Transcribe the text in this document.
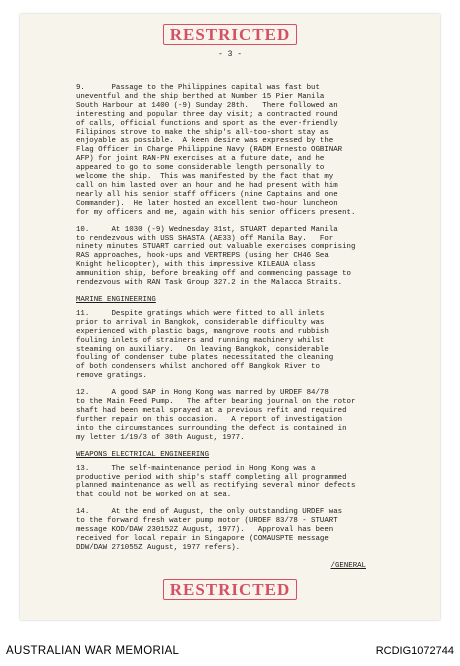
RESTRICTED
- 3 -
9.      Passage to the Philippines capital was fast but
uneventful and the ship berthed at Number 15 Pier Manila
South Harbour at 1400 (-9) Sunday 28th.   There followed an
interesting and popular three day visit; a contracted round
of calls, official functions and sport as the ever-friendly
Filipinos strove to make the ship's all-too-short stay as
enjoyable as possible.  A keen desire was expressed by the
Flag Officer in Charge Philippine Navy (RADM Ernesto OGBINAR
AFP) for joint RAN-PN exercises at a future date, and he
appeared to go to some considerable length personally to
welcome the ship.  This was manifested by the fact that my
call on him lasted over an hour and he had present with him
nearly all his senior staff officers (nine Captains and one
Commander).  He later hosted an excellent two-hour luncheon
for my officers and me, again with his senior officers present.
10.     At 1030 (-9) Wednesday 31st, STUART departed Manila
to rendezvous with USS SHASTA (AE33) off Manila Bay.   For
ninety minutes STUART carried out valuable exercises comprising
RAS approaches, hook-ups and VERTREPS (using her CH46 Sea
Knight helicopter), with this impressive KILEAUA class
ammunition ship, before breaking off and commencing passage to
rendezvous with RAN Task Group 327.2 in the Malacca Straits.
MARINE ENGINEERING
11.     Despite gratings which were fitted to all inlets
prior to arrival in Bangkok, considerable difficulty was
experienced with plastic bags, mangrove roots and rubbish
fouling inlets of strainers and running machinery whilst
steaming on auxiliary.   On leaving Bangkok, considerable
fouling of condenser tube plates necessitated the cleaning
of both condensers whilst anchored off Bangkok River to
remove gratings.
12.     A good SAP in Hong Kong was marred by URDEF 84/78
to the Main Feed Pump.   The after bearing journal on the rotor
shaft had been metal sprayed at a previous refit and required
further repair on this occasion.   A report of investigation
into the circumstances surrounding the defect is contained in
my letter 1/19/3 of 30th August, 1977.
WEAPONS ELECTRICAL ENGINEERING
13.     The self-maintenance period in Hong Kong was a
productive period with ship's staff completing all programmed
planned maintenance as well as rectifying several minor defects
that could not be worked on at sea.
14.     At the end of August, the only outstanding URDEF was
to the forward fresh water pump motor (URDEF 83/78 - STUART
message KOD/DAW 230152Z August, 1977).   Approval has been
received for local repair in Singapore (COMAUSPTE message
DDW/DAW 271055Z August, 1977 refers).
/GENERAL
RESTRICTED
AUSTRALIAN WAR MEMORIAL	RCDIG1072744
